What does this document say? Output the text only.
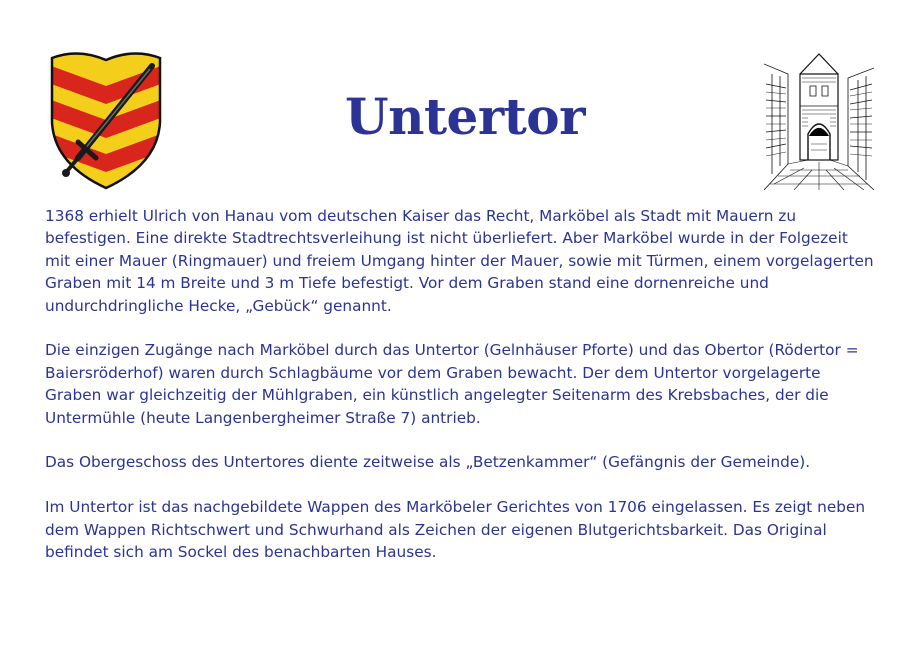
Untertor

1368 erhielt Ulrich von Hanau vom deutschen Kaiser das Recht, Marköbel als Stadt mit Mauern zu befestigen. Eine direkte Stadtrechtsverleihung ist nicht überliefert. Aber Marköbel wurde in der Folgezeit mit einer Mauer (Ringmauer) und freiem Umgang hinter der Mauer, sowie mit Türmen, einem vorgelagerten Graben mit 14 m Breite und 3 m Tiefe befestigt. Vor dem Graben stand eine dornenreiche und undurchdringliche Hecke, „Gebück“ genannt.

Die einzigen Zugänge nach Marköbel durch das Untertor (Gelnhäuser Pforte) und das Obertor (Rödertor = Baiersröderhof) waren durch Schlagbäume vor dem Graben bewacht. Der dem Untertor vorgelagerte Graben war gleichzeitig der Mühlgraben, ein künstlich angelegter Seitenarm des Krebsbaches, der die Untermühle (heute Langenbergheimer Straße 7) antrieb.

Das Obergeschoss des Untertores diente zeitweise als „Betzenkammer“ (Gefängnis der Gemeinde).

Im Untertor ist das nachgebildete Wappen des Marköbeler Gerichtes von 1706 eingelassen. Es zeigt neben dem Wappen Richtschwert und Schwurhand als Zeichen der eigenen Blutgerichtsbarkeit. Das Original befindet sich am Sockel des benachbarten Hauses.
